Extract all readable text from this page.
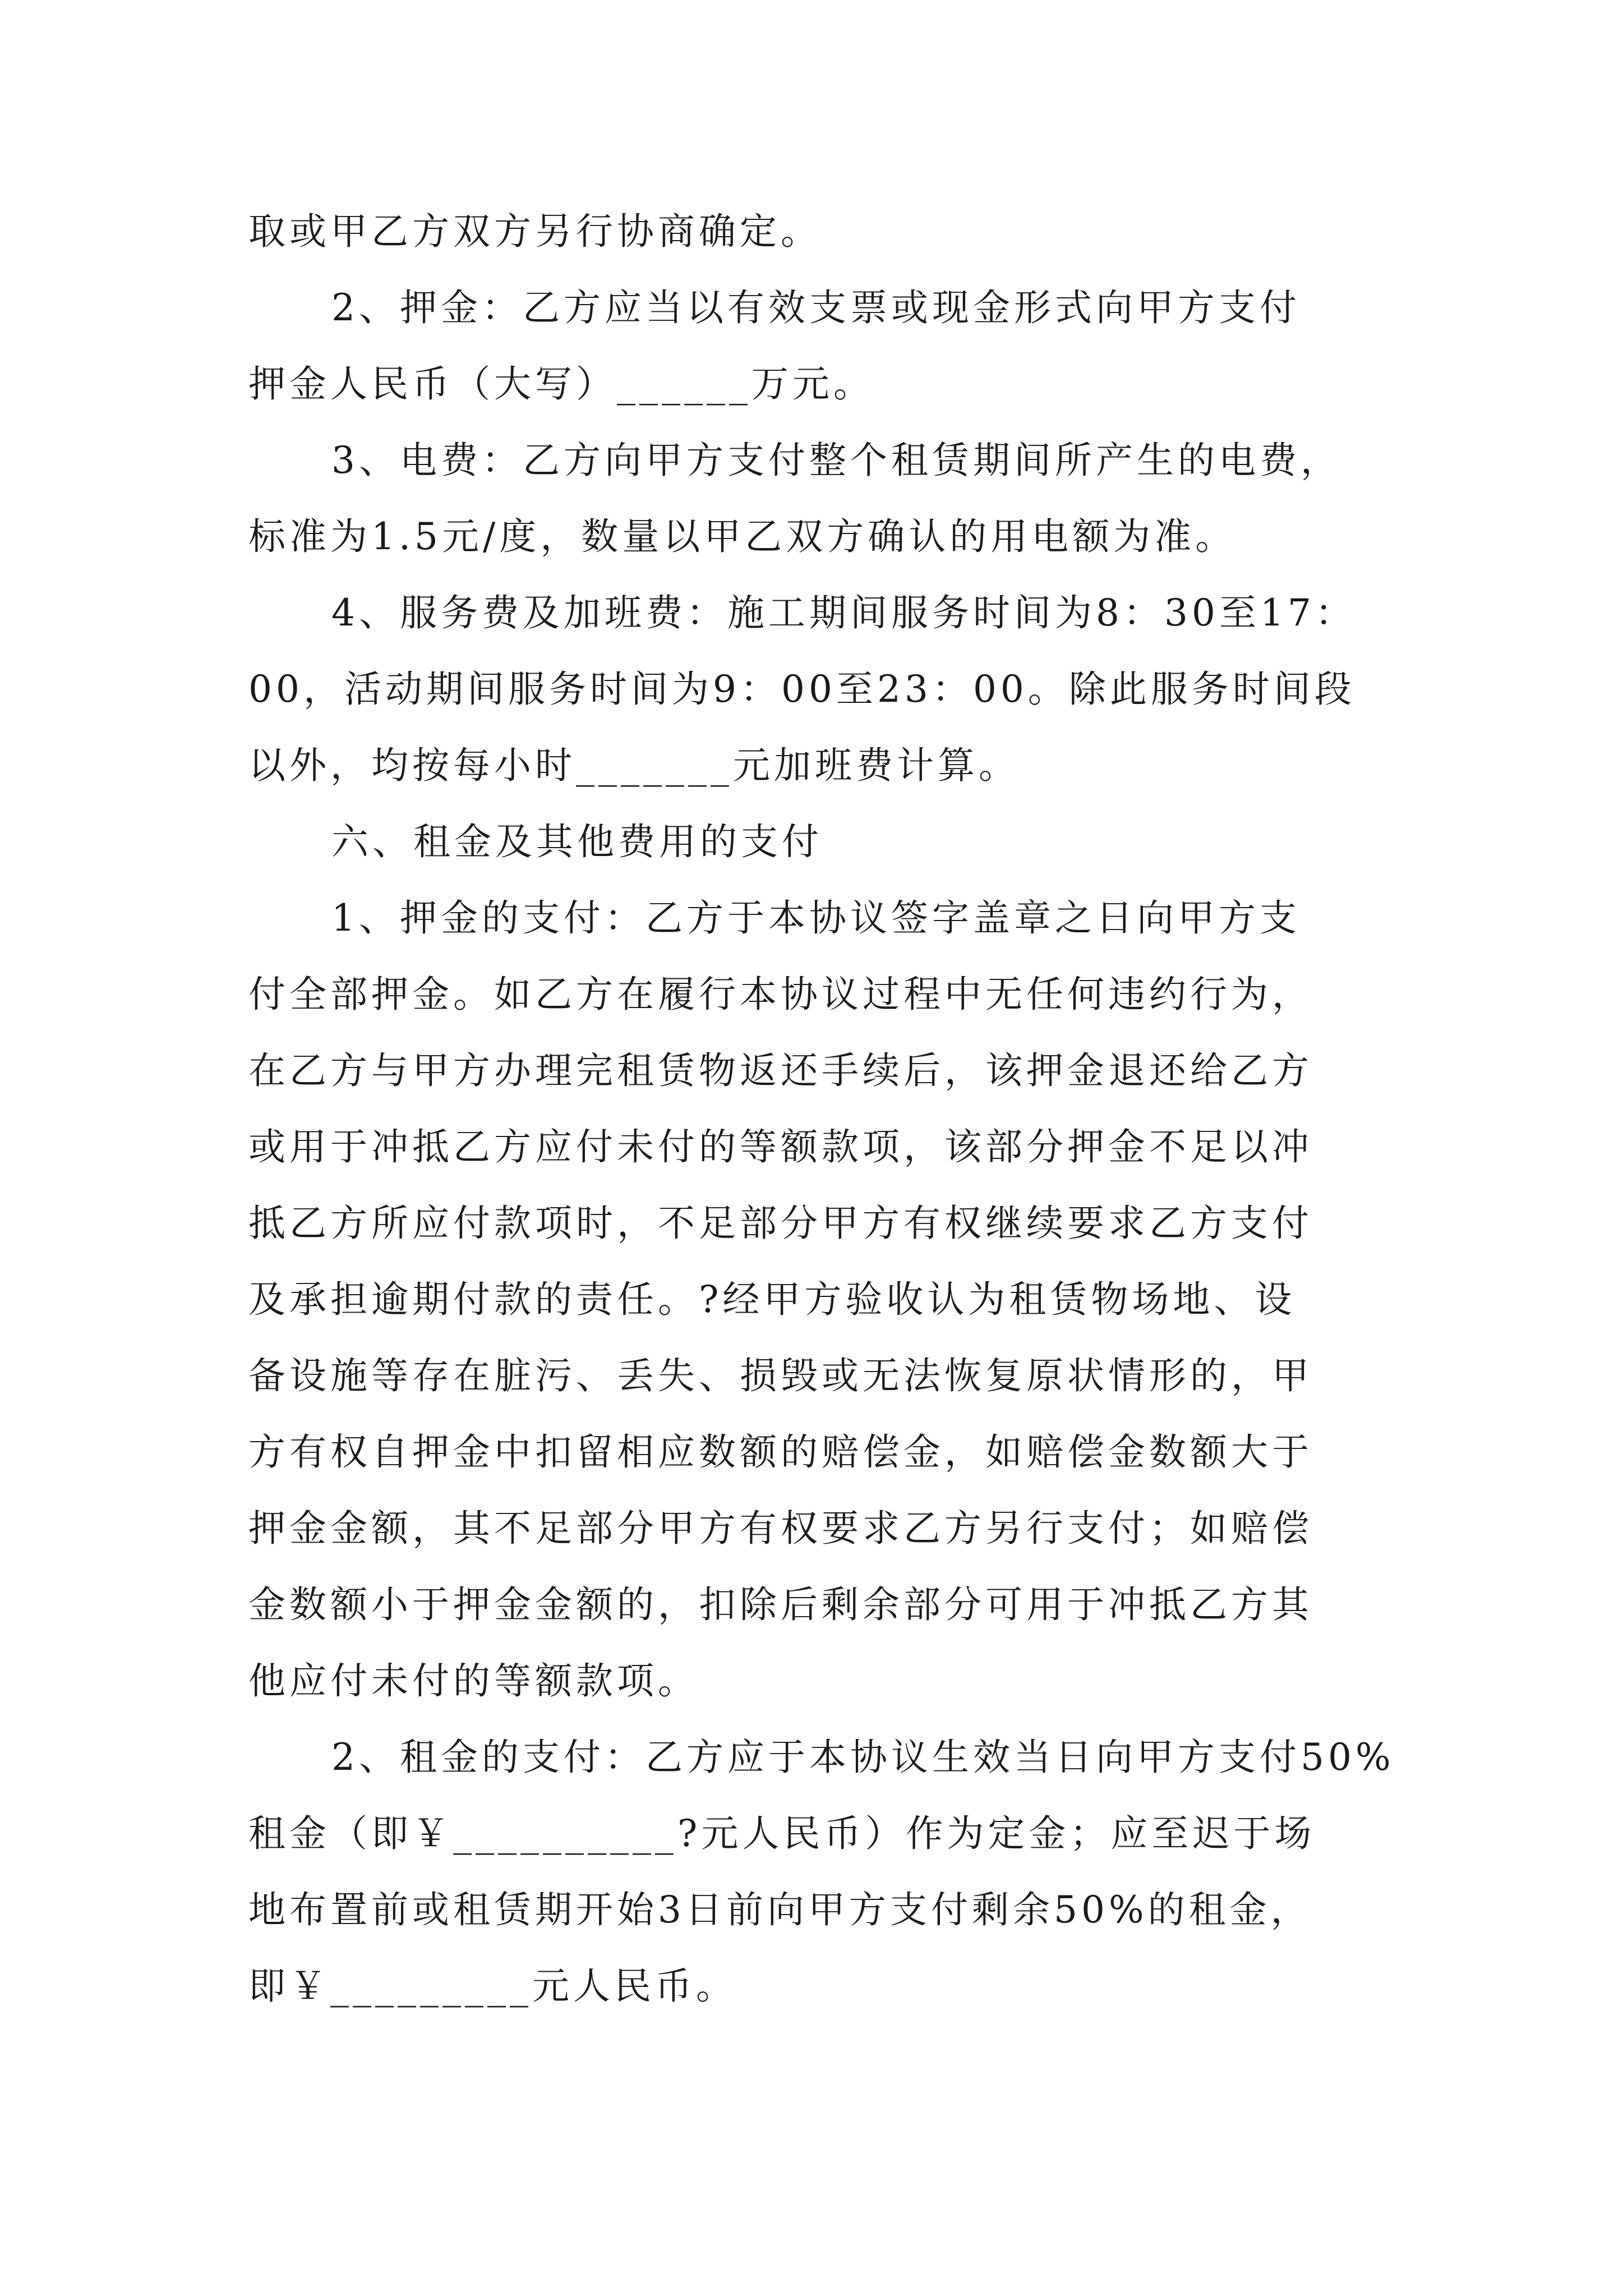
取或甲乙方双方另行协商确定。
2、押金：乙方应当以有效支票或现金形式向甲方支付
押金人民币（大写）______万元。
3、电费：乙方向甲方支付整个租赁期间所产生的电费，
标准为1.5元/度，数量以甲乙双方确认的用电额为准。
4、服务费及加班费：施工期间服务时间为8：30至17：
00，活动期间服务时间为9：00至23：00。除此服务时间段
以外，均按每小时_______元加班费计算。
六、租金及其他费用的支付
1、押金的支付：乙方于本协议签字盖章之日向甲方支
付全部押金。如乙方在履行本协议过程中无任何违约行为，
在乙方与甲方办理完租赁物返还手续后，该押金退还给乙方
或用于冲抵乙方应付未付的等额款项，该部分押金不足以冲
抵乙方所应付款项时，不足部分甲方有权继续要求乙方支付
及承担逾期付款的责任。?经甲方验收认为租赁物场地、设
备设施等存在脏污、丢失、损毁或无法恢复原状情形的，甲
方有权自押金中扣留相应数额的赔偿金，如赔偿金数额大于
押金金额，其不足部分甲方有权要求乙方另行支付；如赔偿
金数额小于押金金额的，扣除后剩余部分可用于冲抵乙方其
他应付未付的等额款项。
2、租金的支付：乙方应于本协议生效当日向甲方支付50%
租金（即￥__________?元人民币）作为定金；应至迟于场
地布置前或租赁期开始3日前向甲方支付剩余50%的租金，
即￥_________元人民币。
